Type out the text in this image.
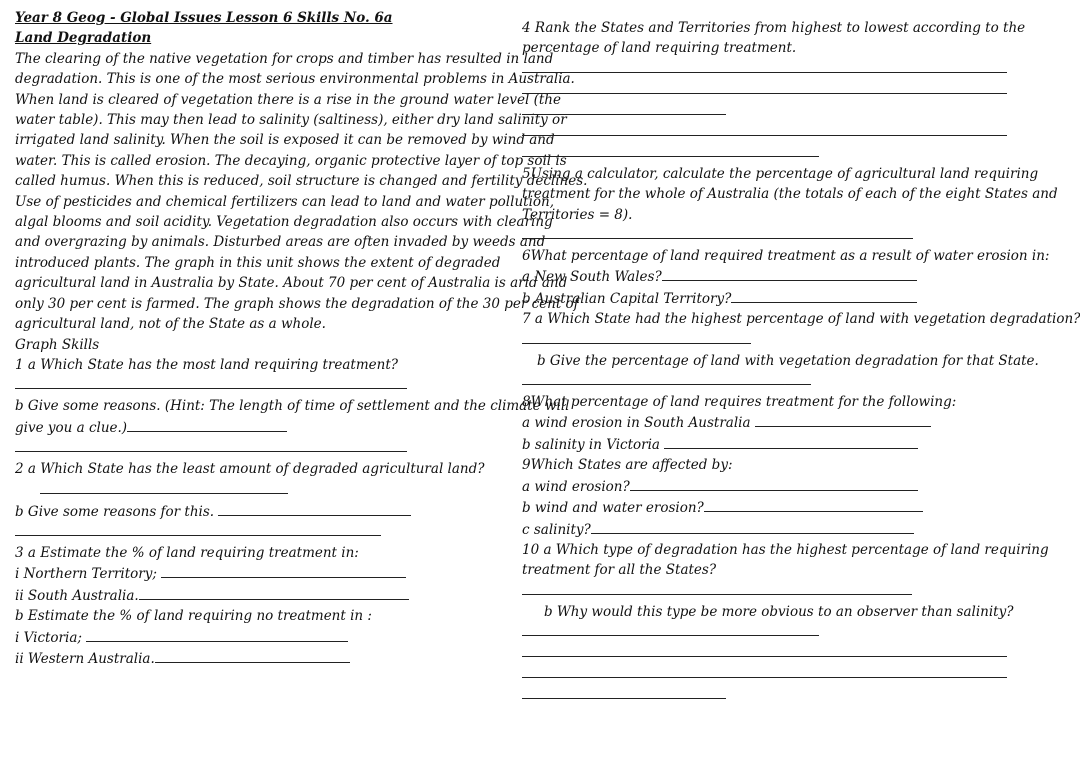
Year 8 Geog - Global Issues Lesson 6 Skills No. 6a
Land Degradation
The clearing of the native vegetation for crops and timber has resulted in land
degradation. This is one of the most serious environmental problems in Australia.
When land is cleared of vegetation there is a rise in the ground water level (the
water table). This may then lead to salinity (saltiness), either dry land salinity or
irrigated land salinity. When the soil is exposed it can be removed by wind and
water. This is called erosion. The decaying, organic protective layer of top soil is
called humus. When this is reduced, soil structure is changed and fertility declines.
Use of pesticides and chemical fertilizers can lead to land and water pollution,
algal blooms and soil acidity. Vegetation degradation also occurs with clearing
and overgrazing by animals. Disturbed areas are often invaded by weeds and
introduced plants. The graph in this unit shows the extent of degraded
agricultural land in Australia by State. About 70 per cent of Australia is arid and
only 30 per cent is farmed. The graph shows the degradation of the 30 per cent of
agricultural land, not of the State as a whole.
Graph Skills
1 a Which State has the most land requiring treatment?
b Give some reasons. (Hint: The length of time of settlement and the climate will
give you a clue.)
2 a Which State has the least amount of degraded agricultural land?
b Give some reasons for this.
3 a Estimate the % of land requiring treatment in:
i Northern Territory;
ii South Australia.
b Estimate the % of land requiring no treatment in :
i Victoria;
ii Western Australia.
4 Rank the States and Territories from highest to lowest according to the
percentage of land requiring treatment.
5Using a calculator, calculate the percentage of agricultural land requiring
treatment for the whole of Australia (the totals of each of the eight States and
Territories = 8).
6What percentage of land required treatment as a result of water erosion in:
a New South Wales?
b Australian Capital Territory?
7 a Which State had the highest percentage of land with vegetation degradation?
b Give the percentage of land with vegetation degradation for that State.
8What percentage of land requires treatment for the following:
a wind erosion in South Australia
b salinity in Victoria
9Which States are affected by:
a wind erosion?
b wind and water erosion?
c salinity?
10 a Which type of degradation has the highest percentage of land requiring
treatment for all the States?
b Why would this type be more obvious to an observer than salinity?
